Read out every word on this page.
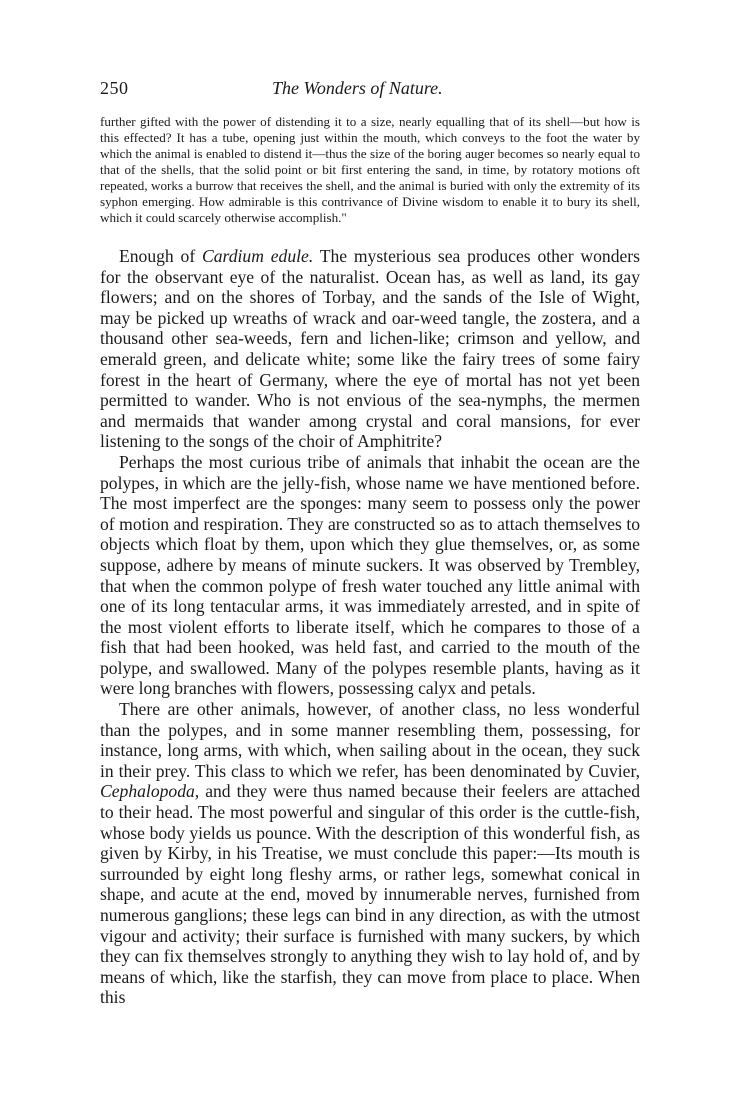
250	The Wonders of Nature.
further gifted with the power of distending it to a size, nearly equalling that of its shell—but how is this effected? It has a tube, opening just within the mouth, which conveys to the foot the water by which the animal is enabled to distend it—thus the size of the boring auger becomes so nearly equal to that of the shells, that the solid point or bit first entering the sand, in time, by rotatory motions oft repeated, works a burrow that receives the shell, and the animal is buried with only the extremity of its syphon emerging. How admirable is this contrivance of Divine wisdom to enable it to bury its shell, which it could scarcely otherwise accomplish."

Enough of Cardium edule. The mysterious sea produces other wonders for the observant eye of the naturalist. Ocean has, as well as land, its gay flowers; and on the shores of Torbay, and the sands of the Isle of Wight, may be picked up wreaths of wrack and oar-weed tangle, the zostera, and a thousand other sea-weeds, fern and lichen-like; crimson and yellow, and emerald green, and delicate white; some like the fairy trees of some fairy forest in the heart of Germany, where the eye of mortal has not yet been permitted to wander. Who is not envious of the sea-nymphs, the mermen and mermaids that wander among crystal and coral mansions, for ever listening to the songs of the choir of Amphitrite?

Perhaps the most curious tribe of animals that inhabit the ocean are the polypes, in which are the jelly-fish, whose name we have mentioned before. The most imperfect are the sponges: many seem to possess only the power of motion and respiration. They are constructed so as to attach themselves to objects which float by them, upon which they glue themselves, or, as some suppose, adhere by means of minute suckers. It was observed by Trembley, that when the common polype of fresh water touched any little animal with one of its long tentacular arms, it was immediately arrested, and in spite of the most violent efforts to liberate itself, which he compares to those of a fish that had been hooked, was held fast, and carried to the mouth of the polype, and swallowed. Many of the polypes resemble plants, having as it were long branches with flowers, possessing calyx and petals.

There are other animals, however, of another class, no less wonderful than the polypes, and in some manner resembling them, possessing, for instance, long arms, with which, when sailing about in the ocean, they suck in their prey. This class to which we refer, has been denominated by Cuvier, Cephalopoda, and they were thus named because their feelers are attached to their head. The most powerful and singular of this order is the cuttle-fish, whose body yields us pounce. With the description of this wonderful fish, as given by Kirby, in his Treatise, we must conclude this paper:—Its mouth is surrounded by eight long fleshy arms, or rather legs, somewhat conical in shape, and acute at the end, moved by innumerable nerves, furnished from numerous ganglions; these legs can bind in any direction, as with the utmost vigour and activity; their surface is furnished with many suckers, by which they can fix themselves strongly to anything they wish to lay hold of, and by means of which, like the starfish, they can move from place to place. When this
